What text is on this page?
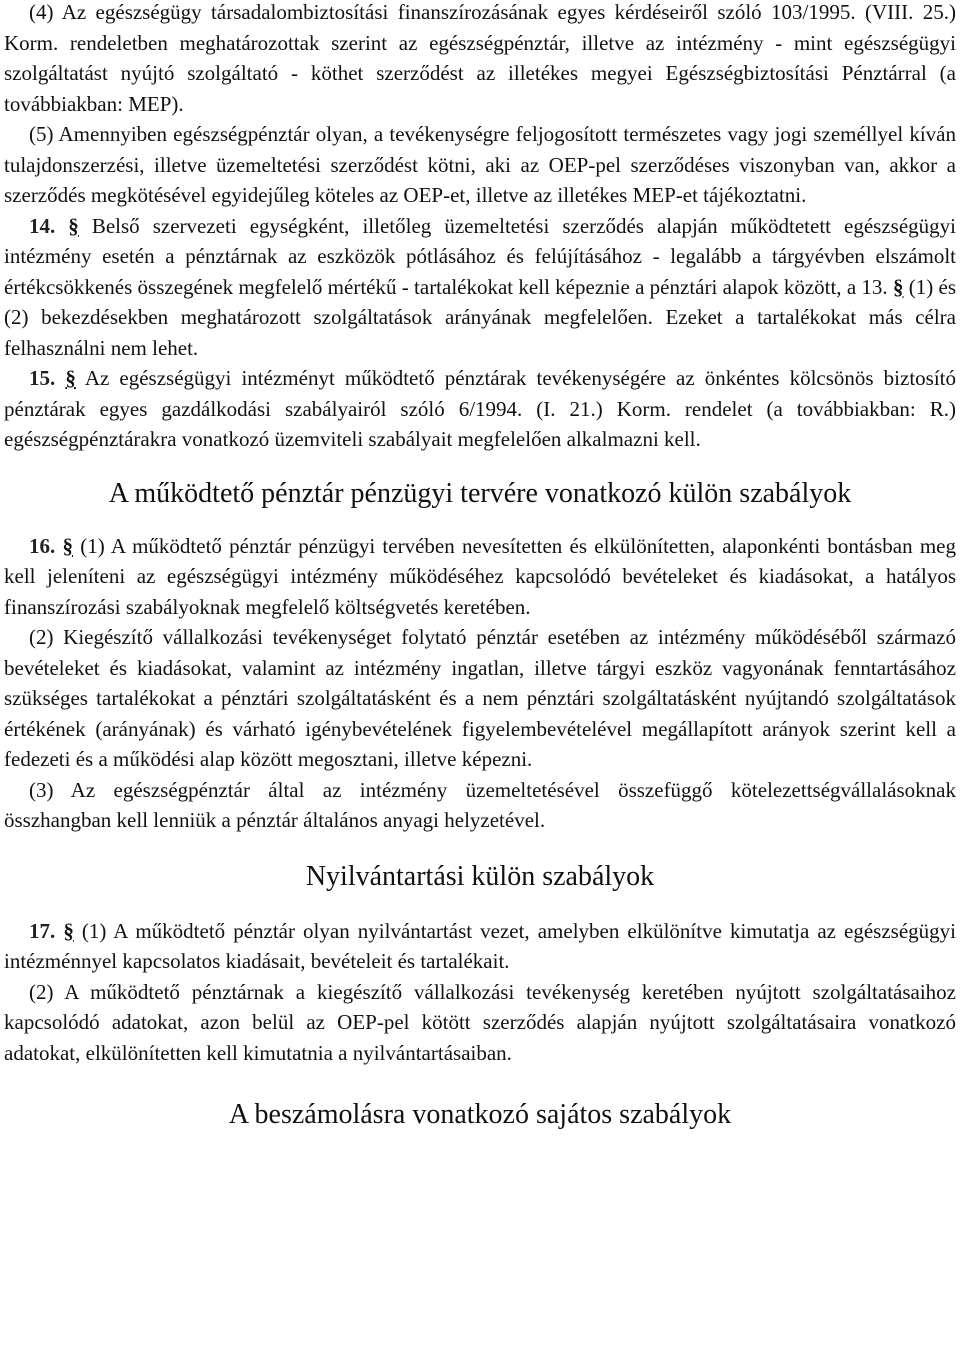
(4) Az egészségügy társadalombiztosítási finanszírozásának egyes kérdéseiről szóló 103/1995. (VIII. 25.) Korm. rendeletben meghatározottak szerint az egészségpénztár, illetve az intézmény - mint egészségügyi szolgáltatást nyújtó szolgáltató - köthet szerződést az illetékes megyei Egészségbiztosítási Pénztárral (a továbbiakban: MEP).

(5) Amennyiben egészségpénztár olyan, a tevékenységre feljogosított természetes vagy jogi személlyel kíván tulajdonszerzési, illetve üzemeltetési szerződést kötni, aki az OEP-pel szerződéses viszonyban van, akkor a szerződés megkötésével egyidejűleg köteles az OEP-et, illetve az illetékes MEP-et tájékoztatni.

14. § Belső szervezeti egységként, illetőleg üzemeltetési szerződés alapján működtetett egészségügyi intézmény esetén a pénztárnak az eszközök pótlásához és felújításához - legalább a tárgyévben elszámolt értékcsökkenés összegének megfelelő mértékű - tartalékokat kell képeznie a pénztári alapok között, a 13. § (1) és (2) bekezdésekben meghatározott szolgáltatások arányának megfelelően. Ezeket a tartalékokat más célra felhasználni nem lehet.

15. § Az egészségügyi intézményt működtető pénztárak tevékenységére az önkéntes kölcsönös biztosító pénztárak egyes gazdálkodási szabályairól szóló 6/1994. (I. 21.) Korm. rendelet (a továbbiakban: R.) egészségpénztárakra vonatkozó üzemviteli szabályait megfelelően alkalmazni kell.

A működtető pénztár pénzügyi tervére vonatkozó külön szabályok

16. § (1) A működtető pénztár pénzügyi tervében nevesítetten és elkülönítetten, alaponkénti bontásban meg kell jeleníteni az egészségügyi intézmény működéséhez kapcsolódó bevételeket és kiadásokat, a hatályos finanszírozási szabályoknak megfelelő költségvetés keretében.

(2) Kiegészítő vállalkozási tevékenységet folytató pénztár esetében az intézmény működéséből származó bevételeket és kiadásokat, valamint az intézmény ingatlan, illetve tárgyi eszköz vagyonának fenntartásához szükséges tartalékokat a pénztári szolgáltatásként és a nem pénztári szolgáltatásként nyújtandó szolgáltatások értékének (arányának) és várható igénybevételének figyelembevételével megállapított arányok szerint kell a fedezeti és a működési alap között megosztani, illetve képezni.

(3) Az egészségpénztár által az intézmény üzemeltetésével összefüggő kötelezettségvállalásoknak összhangban kell lenniük a pénztár általános anyagi helyzetével.

Nyilvántartási külön szabályok

17. § (1) A működtető pénztár olyan nyilvántartást vezet, amelyben elkülönítve kimutatja az egészségügyi intézménnyel kapcsolatos kiadásait, bevételeit és tartalékait.

(2) A működtető pénztárnak a kiegészítő vállalkozási tevékenység keretében nyújtott szolgáltatásaihoz kapcsolódó adatokat, azon belül az OEP-pel kötött szerződés alapján nyújtott szolgáltatásaira vonatkozó adatokat, elkülönítetten kell kimutatnia a nyilvántartásaiban.

A beszámolásra vonatkozó sajátos szabályok
